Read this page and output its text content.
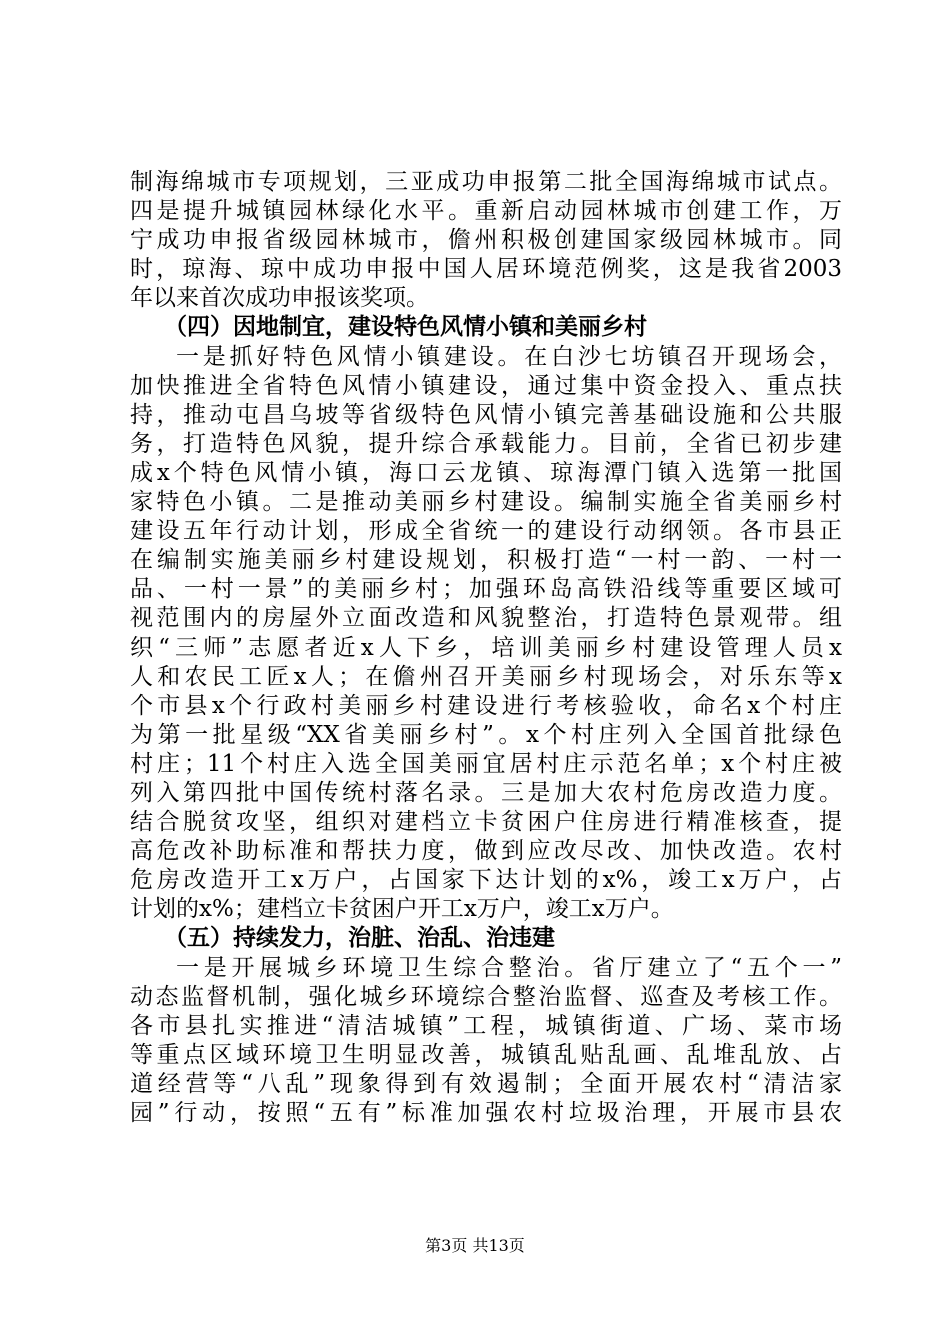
制海绵城市专项规划，三亚成功申报第二批全国海绵城市试点。
四是提升城镇园林绿化水平。重新启动园林城市创建工作，万
宁成功申报省级园林城市，儋州积极创建国家级园林城市。同
时，琼海、琼中成功申报中国人居环境范例奖，这是我省2003
年以来首次成功申报该奖项。
（四）因地制宜，建设特色风情小镇和美丽乡村
一是抓好特色风情小镇建设。在白沙七坊镇召开现场会，
加快推进全省特色风情小镇建设，通过集中资金投入、重点扶
持，推动屯昌乌坡等省级特色风情小镇完善基础设施和公共服
务，打造特色风貌，提升综合承载能力。目前，全省已初步建
成x个特色风情小镇，海口云龙镇、琼海潭门镇入选第一批国
家特色小镇。二是推动美丽乡村建设。编制实施全省美丽乡村
建设五年行动计划，形成全省统一的建设行动纲领。各市县正
在编制实施美丽乡村建设规划，积极打造“一村一韵、一村一
品、一村一景”的美丽乡村；加强环岛高铁沿线等重要区域可
视范围内的房屋外立面改造和风貌整治，打造特色景观带。组
织“三师”志愿者近x人下乡，培训美丽乡村建设管理人员x
人和农民工匠x人；在儋州召开美丽乡村现场会，对乐东等x
个市县x个行政村美丽乡村建设进行考核验收，命名x个村庄
为第一批星级“XX省美丽乡村”。x个村庄列入全国首批绿色
村庄；11个村庄入选全国美丽宜居村庄示范名单；x个村庄被
列入第四批中国传统村落名录。三是加大农村危房改造力度。
结合脱贫攻坚，组织对建档立卡贫困户住房进行精准核查，提
高危改补助标准和帮扶力度，做到应改尽改、加快改造。农村
危房改造开工x万户，占国家下达计划的x%，竣工x万户，占
计划的x%；建档立卡贫困户开工x万户，竣工x万户。
（五）持续发力，治脏、治乱、治违建
一是开展城乡环境卫生综合整治。省厅建立了“五个一”
动态监督机制，强化城乡环境综合整治监督、巡查及考核工作。
各市县扎实推进“清洁城镇”工程，城镇街道、广场、菜市场
等重点区域环境卫生明显改善，城镇乱贴乱画、乱堆乱放、占
道经营等“八乱”现象得到有效遏制；全面开展农村“清洁家
园”行动，按照“五有”标准加强农村垃圾治理，开展市县农
第3页 共13页
